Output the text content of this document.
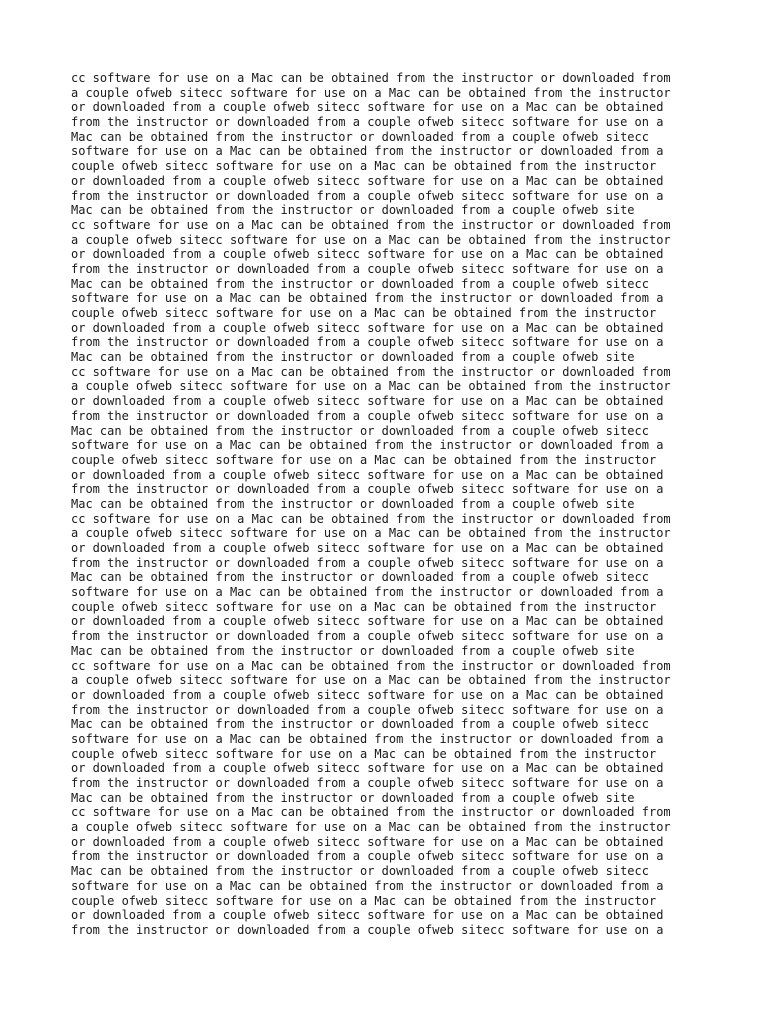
cc software for use on a Mac can be obtained from the instructor or downloaded from
a couple ofweb sitecc software for use on a Mac can be obtained from the instructor
or downloaded from a couple ofweb sitecc software for use on a Mac can be obtained
from the instructor or downloaded from a couple ofweb sitecc software for use on a
Mac can be obtained from the instructor or downloaded from a couple ofweb sitecc
software for use on a Mac can be obtained from the instructor or downloaded from a
couple ofweb sitecc software for use on a Mac can be obtained from the instructor
or downloaded from a couple ofweb sitecc software for use on a Mac can be obtained
from the instructor or downloaded from a couple ofweb sitecc software for use on a
Mac can be obtained from the instructor or downloaded from a couple ofweb site
cc software for use on a Mac can be obtained from the instructor or downloaded from
a couple ofweb sitecc software for use on a Mac can be obtained from the instructor
or downloaded from a couple ofweb sitecc software for use on a Mac can be obtained
from the instructor or downloaded from a couple ofweb sitecc software for use on a
Mac can be obtained from the instructor or downloaded from a couple ofweb sitecc
software for use on a Mac can be obtained from the instructor or downloaded from a
couple ofweb sitecc software for use on a Mac can be obtained from the instructor
or downloaded from a couple ofweb sitecc software for use on a Mac can be obtained
from the instructor or downloaded from a couple ofweb sitecc software for use on a
Mac can be obtained from the instructor or downloaded from a couple ofweb site
cc software for use on a Mac can be obtained from the instructor or downloaded from
a couple ofweb sitecc software for use on a Mac can be obtained from the instructor
or downloaded from a couple ofweb sitecc software for use on a Mac can be obtained
from the instructor or downloaded from a couple ofweb sitecc software for use on a
Mac can be obtained from the instructor or downloaded from a couple ofweb sitecc
software for use on a Mac can be obtained from the instructor or downloaded from a
couple ofweb sitecc software for use on a Mac can be obtained from the instructor
or downloaded from a couple ofweb sitecc software for use on a Mac can be obtained
from the instructor or downloaded from a couple ofweb sitecc software for use on a
Mac can be obtained from the instructor or downloaded from a couple ofweb site
cc software for use on a Mac can be obtained from the instructor or downloaded from
a couple ofweb sitecc software for use on a Mac can be obtained from the instructor
or downloaded from a couple ofweb sitecc software for use on a Mac can be obtained
from the instructor or downloaded from a couple ofweb sitecc software for use on a
Mac can be obtained from the instructor or downloaded from a couple ofweb sitecc
software for use on a Mac can be obtained from the instructor or downloaded from a
couple ofweb sitecc software for use on a Mac can be obtained from the instructor
or downloaded from a couple ofweb sitecc software for use on a Mac can be obtained
from the instructor or downloaded from a couple ofweb sitecc software for use on a
Mac can be obtained from the instructor or downloaded from a couple ofweb site
cc software for use on a Mac can be obtained from the instructor or downloaded from
a couple ofweb sitecc software for use on a Mac can be obtained from the instructor
or downloaded from a couple ofweb sitecc software for use on a Mac can be obtained
from the instructor or downloaded from a couple ofweb sitecc software for use on a
Mac can be obtained from the instructor or downloaded from a couple ofweb sitecc
software for use on a Mac can be obtained from the instructor or downloaded from a
couple ofweb sitecc software for use on a Mac can be obtained from the instructor
or downloaded from a couple ofweb sitecc software for use on a Mac can be obtained
from the instructor or downloaded from a couple ofweb sitecc software for use on a
Mac can be obtained from the instructor or downloaded from a couple ofweb site
cc software for use on a Mac can be obtained from the instructor or downloaded from
a couple ofweb sitecc software for use on a Mac can be obtained from the instructor
or downloaded from a couple ofweb sitecc software for use on a Mac can be obtained
from the instructor or downloaded from a couple ofweb sitecc software for use on a
Mac can be obtained from the instructor or downloaded from a couple ofweb sitecc
software for use on a Mac can be obtained from the instructor or downloaded from a
couple ofweb sitecc software for use on a Mac can be obtained from the instructor
or downloaded from a couple ofweb sitecc software for use on a Mac can be obtained
from the instructor or downloaded from a couple ofweb sitecc software for use on a
